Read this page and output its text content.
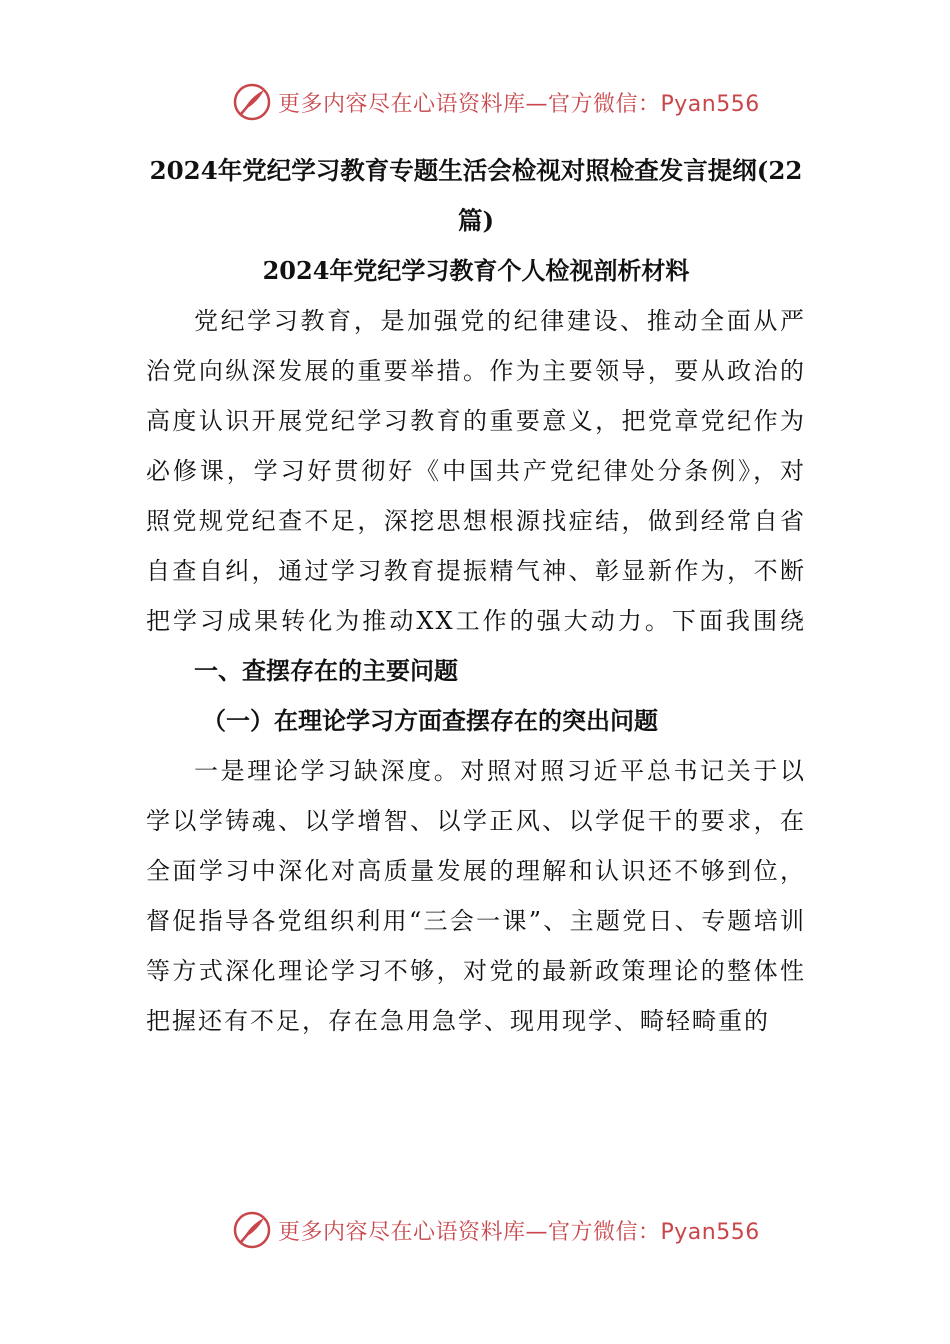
更多内容尽在心语资料库—官方微信：Pyan556

2024年党纪学习教育专题生活会检视对照检查发言提纲(22篇)

2024年党纪学习教育个人检视剖析材料

党纪学习教育，是加强党的纪律建设、推动全面从严治党向纵深发展的重要举措。作为主要领导，要从政治的高度认识开展党纪学习教育的重要意义，把党章党纪作为必修课，学习好贯彻好《中国共产党纪律处分条例》，对照党规党纪查不足，深挖思想根源找症结，做到经常自省自查自纠，通过学习教育提振精气神、彰显新作为，不断把学习成果转化为推动XX工作的强大动力。下面我围绕

一、查摆存在的主要问题

（一）在理论学习方面查摆存在的突出问题

一是理论学习缺深度。对照对照习近平总书记关于以学以学铸魂、以学增智、以学正风、以学促干的要求，在全面学习中深化对高质量发展的理解和认识还不够到位，督促指导各党组织利用“三会一课”、主题党日、专题培训等方式深化理论学习不够，对党的最新政策理论的整体性把握还有不足，存在急用急学、现用现学、畸轻畸重的

更多内容尽在心语资料库—官方微信：Pyan556
